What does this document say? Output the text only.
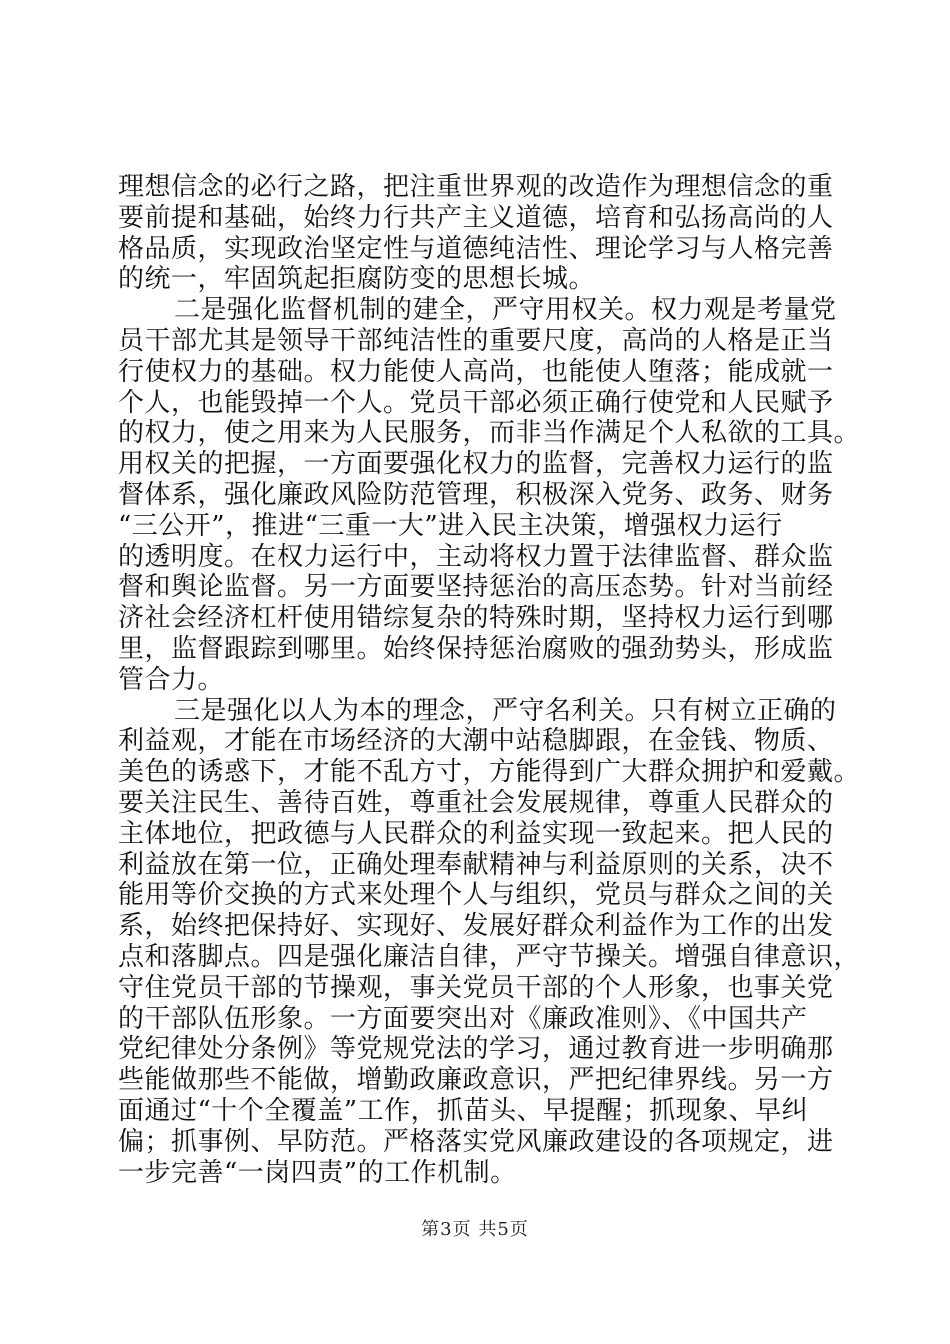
理想信念的必行之路，把注重世界观的改造作为理想信念的重
要前提和基础，始终力行共产主义道德，培育和弘扬高尚的人
格品质，实现政治坚定性与道德纯洁性、理论学习与人格完善
的统一，牢固筑起拒腐防变的思想长城。
二是强化监督机制的建全，严守用权关。权力观是考量党
员干部尤其是领导干部纯洁性的重要尺度，高尚的人格是正当
行使权力的基础。权力能使人高尚，也能使人堕落；能成就一
个人，也能毁掉一个人。党员干部必须正确行使党和人民赋予
的权力，使之用来为人民服务，而非当作满足个人私欲的工具。
用权关的把握，一方面要强化权力的监督，完善权力运行的监
督体系，强化廉政风险防范管理，积极深入党务、政务、财务
“三公开”，推进“三重一大”进入民主决策，增强权力运行
的透明度。在权力运行中，主动将权力置于法律监督、群众监
督和舆论监督。另一方面要坚持惩治的高压态势。针对当前经
济社会经济杠杆使用错综复杂的特殊时期，坚持权力运行到哪
里，监督跟踪到哪里。始终保持惩治腐败的强劲势头，形成监
管合力。
三是强化以人为本的理念，严守名利关。只有树立正确的
利益观，才能在市场经济的大潮中站稳脚跟，在金钱、物质、
美色的诱惑下，才能不乱方寸，方能得到广大群众拥护和爱戴。
要关注民生、善待百姓，尊重社会发展规律，尊重人民群众的
主体地位，把政德与人民群众的利益实现一致起来。把人民的
利益放在第一位，正确处理奉献精神与利益原则的关系，决不
能用等价交换的方式来处理个人与组织，党员与群众之间的关
系，始终把保持好、实现好、发展好群众利益作为工作的出发
点和落脚点。四是强化廉洁自律，严守节操关。增强自律意识，
守住党员干部的节操观，事关党员干部的个人形象，也事关党
的干部队伍形象。一方面要突出对《廉政准则》、《中国共产
党纪律处分条例》等党规党法的学习，通过教育进一步明确那
些能做那些不能做，增勤政廉政意识，严把纪律界线。另一方
面通过“十个全覆盖”工作，抓苗头、早提醒；抓现象、早纠
偏；抓事例、早防范。严格落实党风廉政建设的各项规定，进
一步完善“一岗四责”的工作机制。
第3页 共5页
